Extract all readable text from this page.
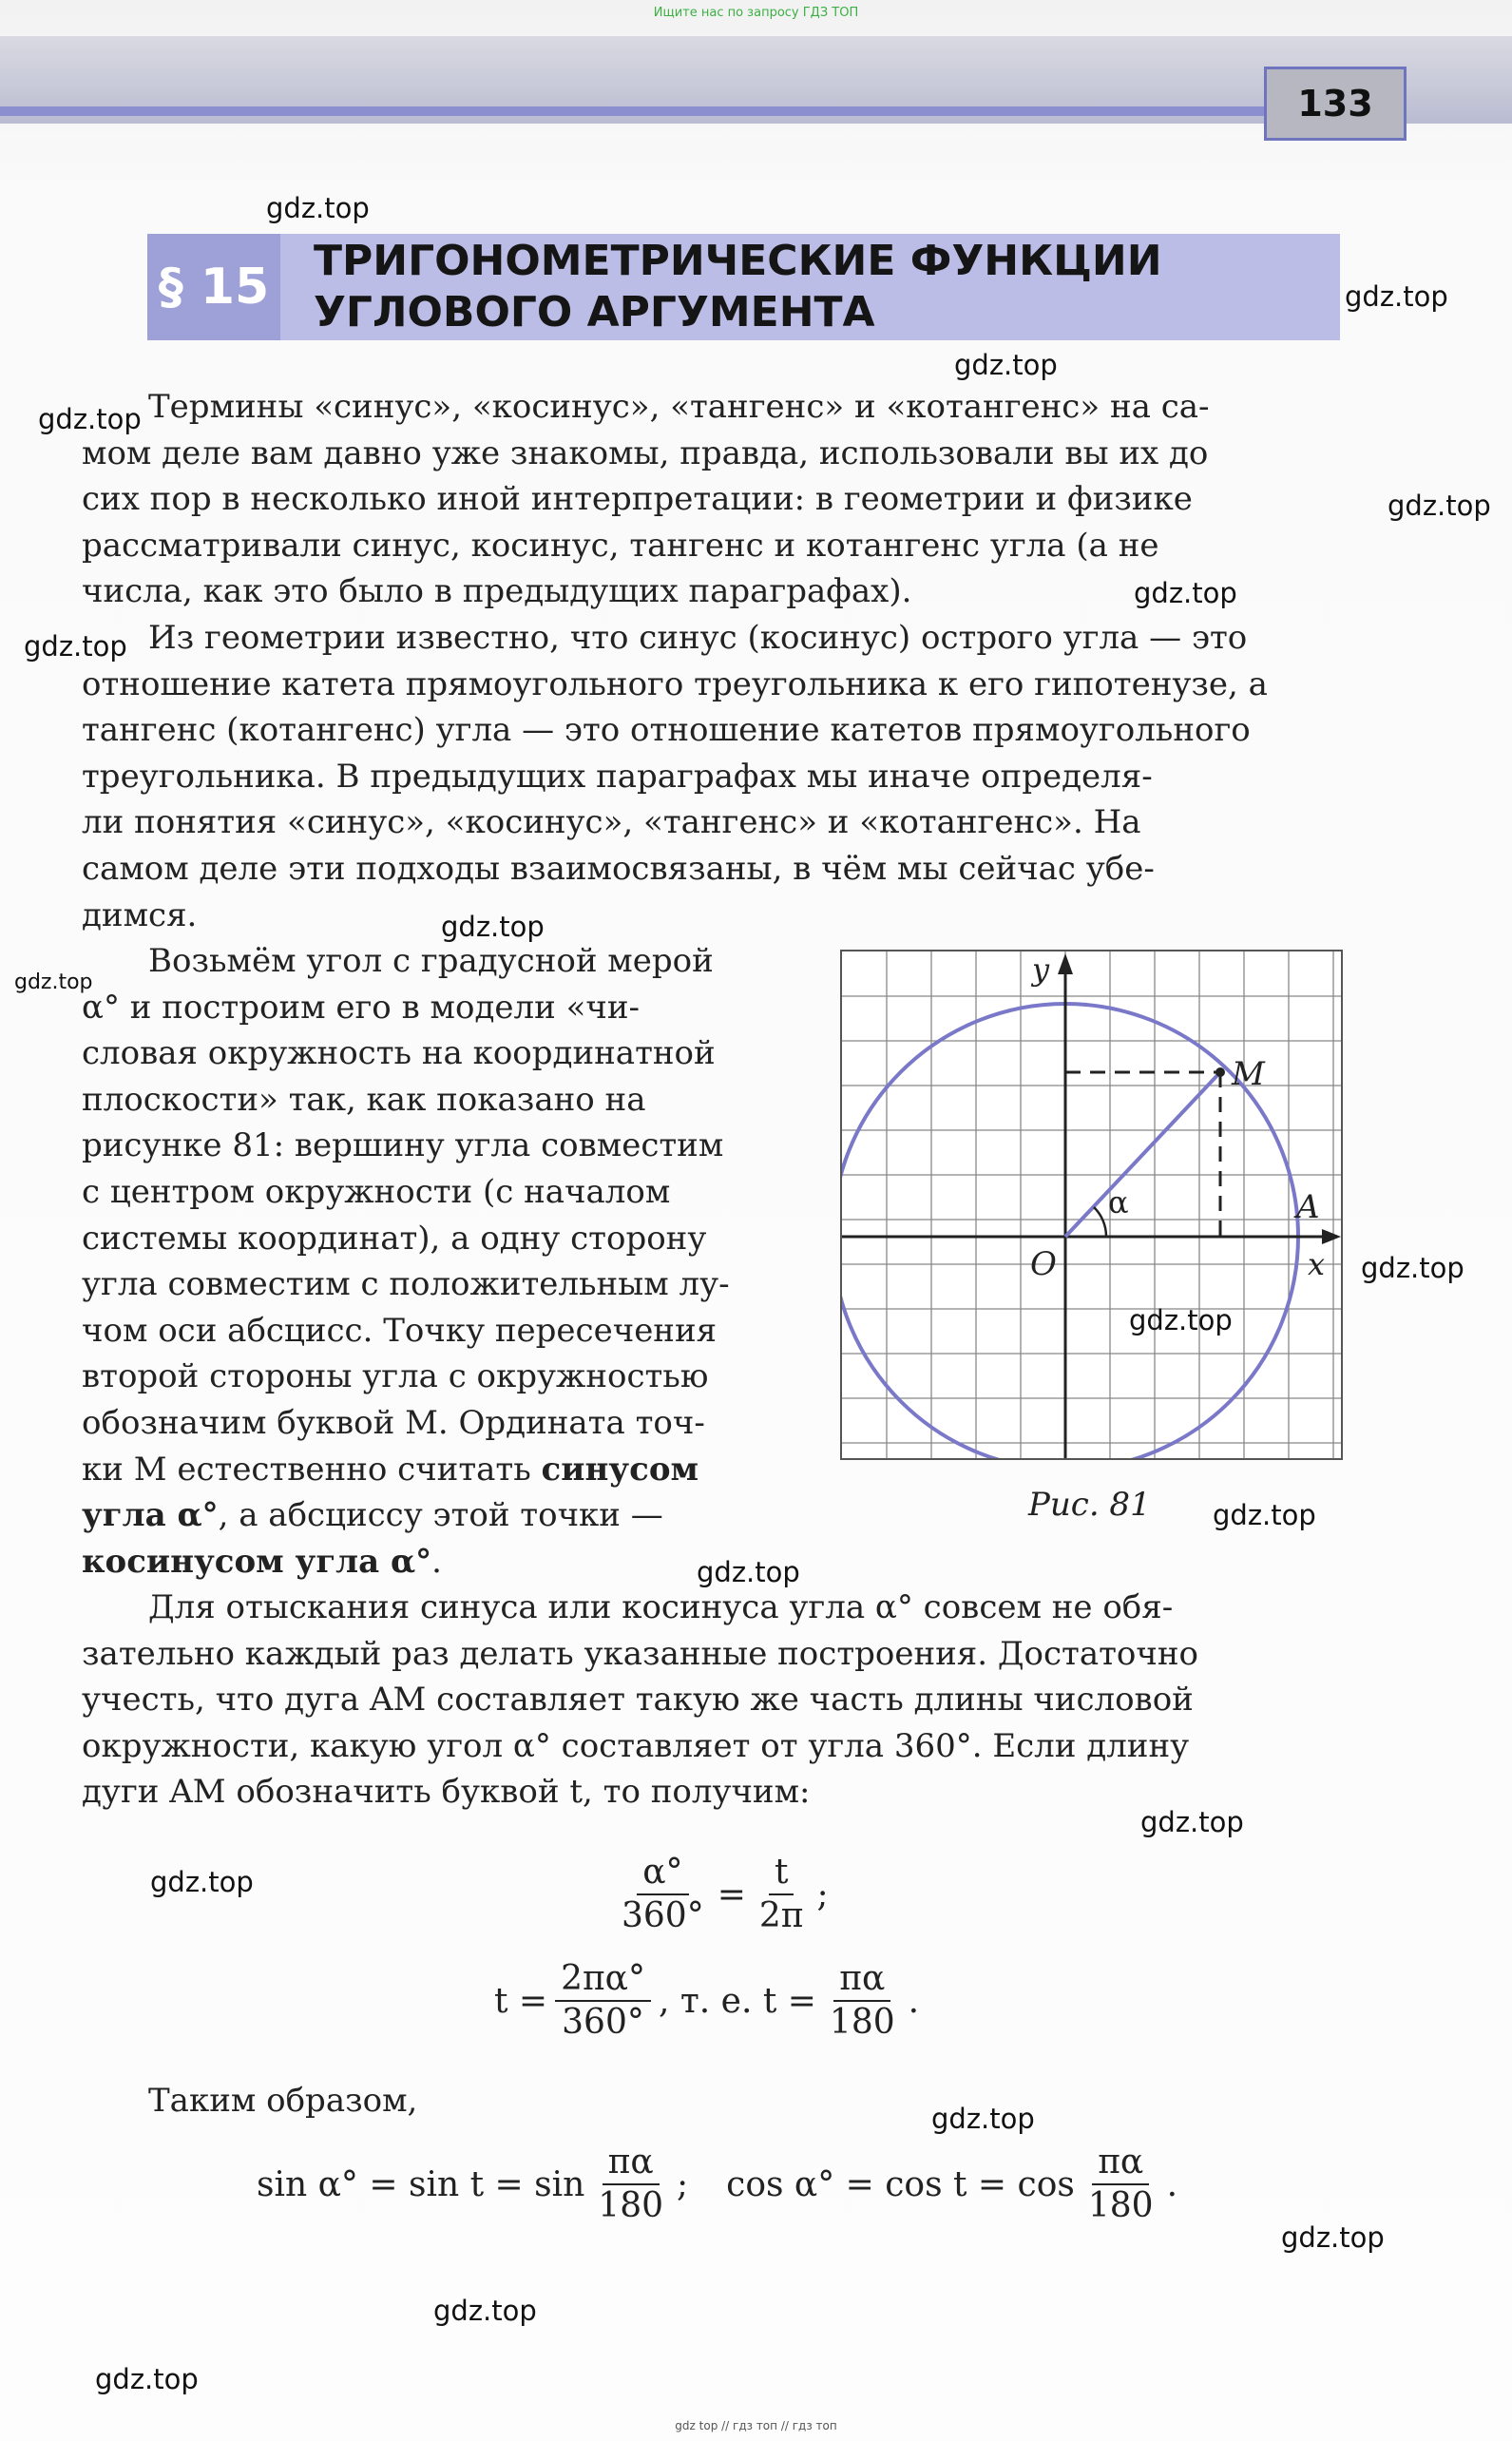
Ищите нас по запросу ГДЗ ТОП
133
§ 15 ТРИГОНОМЕТРИЧЕСКИЕ ФУНКЦИИ
УГЛОВОГО АРГУМЕНТА
Термины «синус», «косинус», «тангенс» и «котангенс» на са-
мом деле вам давно уже знакомы, правда, использовали вы их до
сих пор в несколько иной интерпретации: в геометрии и физике
рассматривали синус, косинус, тангенс и котангенс угла (а не
числа, как это было в предыдущих параграфах).
Из геометрии известно, что синус (косинус) острого угла — это
отношение катета прямоугольного треугольника к его гипотенузе, а
тангенс (котангенс) угла — это отношение катетов прямоугольного
треугольника. В предыдущих параграфах мы иначе определя-
ли понятия «синус», «косинус», «тангенс» и «котангенс». На
самом деле эти подходы взаимосвязаны, в чём мы сейчас убе-
димся.
Возьмём угол с градусной мерой
α° и построим его в модели «чи-
словая окружность на координатной
плоскости» так, как показано на
рисунке 81: вершину угла совместим
с центром окружности (с началом
системы координат), а одну сторону
угла совместим с положительным лу-
чом оси абсцисс. Точку пересечения
второй стороны угла с окружностью
обозначим буквой M. Ордината точ-
ки M естественно считать синусом
угла α°, а абсциссу этой точки —
косинусом угла α°.
y
x
O
A
M
α
Рис. 81
Для отыскания синуса или косинуса угла α° совсем не обя-
зательно каждый раз делать указанные построения. Достаточно
учесть, что дуга AM составляет такую же часть длины числовой
окружности, какую угол α° составляет от угла 360°. Если длину
дуги AM обозначить буквой t, то получим:
$\frac{\alpha^\circ}{360^\circ} = \frac{t}{2\pi}$ ;
$t = \frac{2\pi\alpha^\circ}{360^\circ}$ , т. е. $t = \frac{\pi\alpha}{180}$ .
Таким образом,
$\sin \alpha^\circ = \sin t = \sin \frac{\pi\alpha}{180}$ ; $\cos \alpha^\circ = \cos t = \cos \frac{\pi\alpha}{180}$ .
gdz.top
gdz.top
gdz.top
gdz.top
gdz.top
gdz.top
gdz.top
gdz.top
gdz.top
gdz.top
gdz.top
gdz.top
gdz.top
gdz.top
gdz.top
gdz.top
gdz.top
gdz.top
gdz.top
gdz top // гдз топ // гдз топ
